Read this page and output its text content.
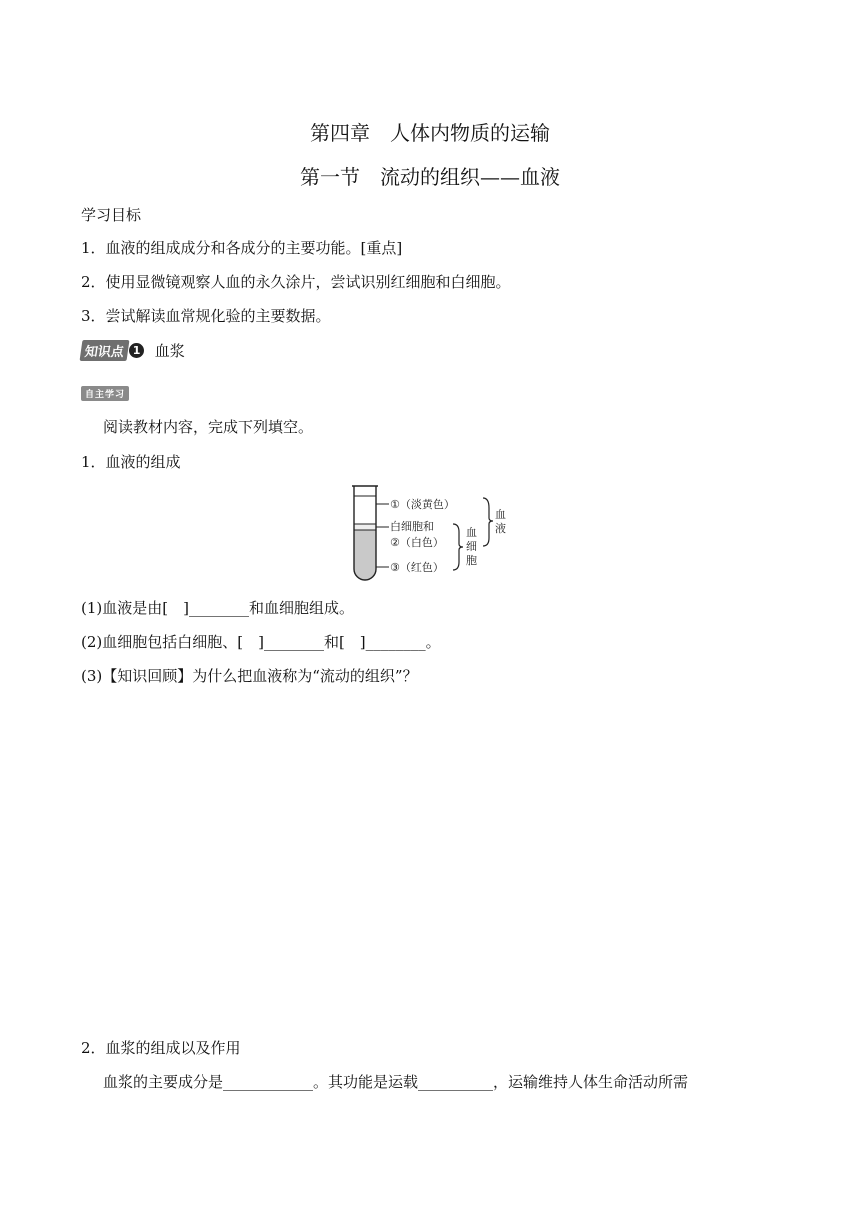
第四章　人体内物质的运输
第一节　流动的组织——血液
学习目标
1．血液的组成成分和各成分的主要功能。[重点]
2．使用显微镜观察人血的永久涂片，尝试识别红细胞和白细胞。
3．尝试解读血常规化验的主要数据。
知识点 1 血浆
自主学习
阅读教材内容，完成下列填空。
1．血液的组成
①（淡黄色）
白细胞和
②（白色）
③（红色）
血
细
胞
血
液
(1)血液是由[　]________和血细胞组成。
(2)血细胞包括白细胞、[　]________和[　]________。
(3)【知识回顾】为什么把血液称为“流动的组织”？
2．血浆的组成以及作用
血浆的主要成分是____________。其功能是运载__________，运输维持人体生命活动所需
